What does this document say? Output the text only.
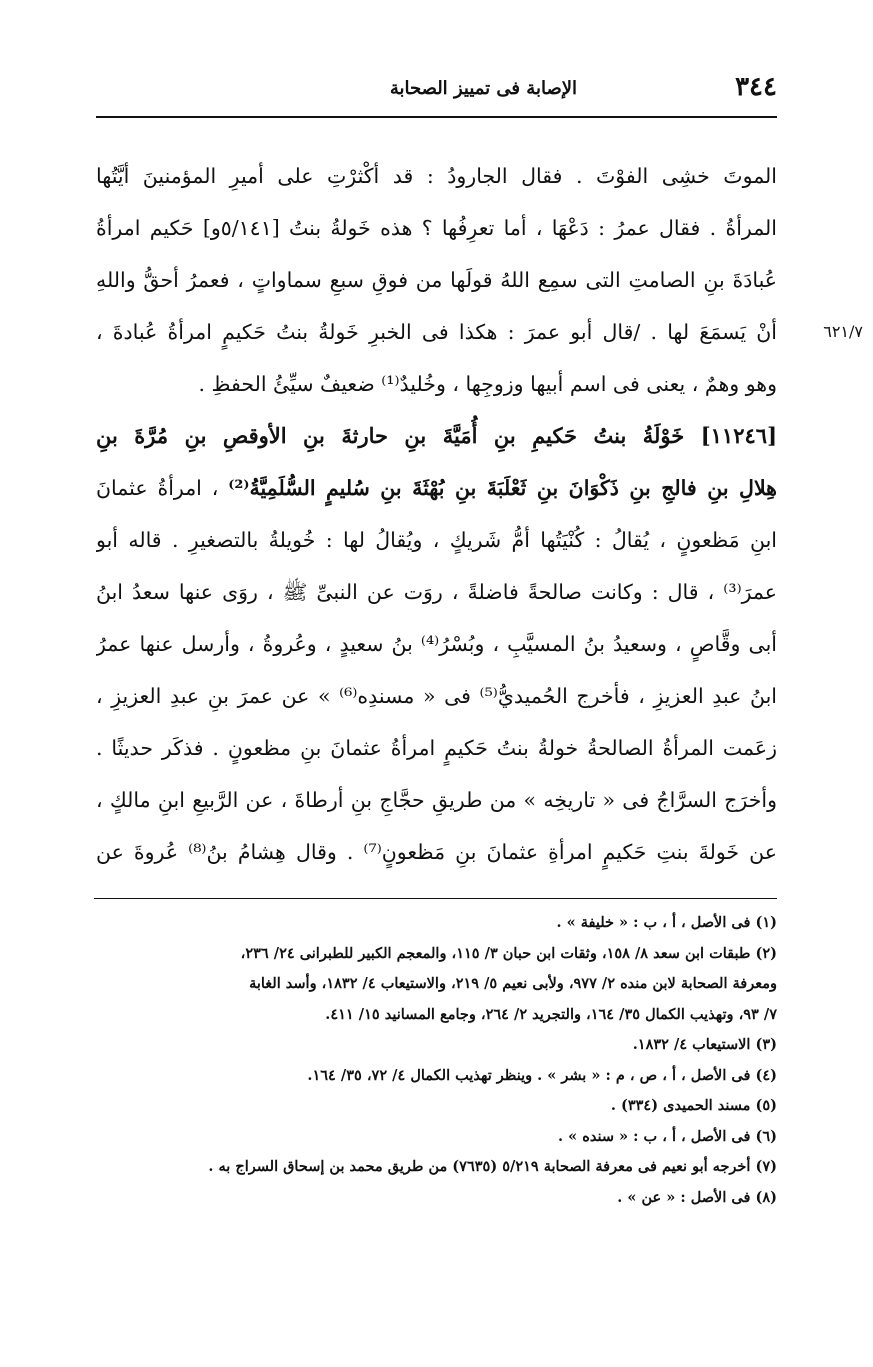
٣٤٤
الإصابة فى تمييز الصحابة
٦٢١/٧
الموتَ خشِى الفوْتَ . فقال الجارودُ : قد أكْثرْتِ على أميرِ المؤمنينَ أيَّتُها
المرأةُ . فقال عمرُ : دَعْهَا ، أما تعرِفُها ؟ هذه خَولةُ بنتُ [٥/١٤١و] حَكيم امرأةُ
عُبادَةَ بنِ الصامتِ التى سمِع اللهُ قولَها من فوقِ سبعِ سماواتٍ ، فعمرُ أحقُّ واللهِ
أنْ يَسمَعَ لها . /قال أبو عمرَ : هكذا فى الخبرِ خَولةُ بنتُ حَكيمٍ امرأةُ عُبادةَ ،
وهو وهمٌ ، يعنى فى اسم أبيها وزوجِها ، وخُليدٌ⁽¹⁾ ضعيفٌ سيِّئُ الحفظِ .
[١١٢٤٦] خَوْلَةُ بنتُ حَكيمِ بنِ أُمَيَّةَ بنِ حارثةَ بنِ الأوقصِ بنِ مُرَّةَ بنِ
هِلالِ بنِ فالجِ بنِ ذَكْوَانَ بنِ ثَعْلَبَةَ بنِ بُهْثَةَ بنِ سُليمٍ السُّلَمِيَّةُ⁽²⁾ ، امرأةُ عثمانَ
ابنِ مَظعونٍ ، يُقالُ : كُنْيَتُها أمُّ شَريكٍ ، ويُقالُ لها : خُويلةُ بالتصغيرِ . قاله أبو
عمرَ⁽³⁾ ، قال : وكانت صالحةً فاضلةً ، روَت عن النبىِّ ﷺ ، روَى عنها سعدُ ابنُ
أبى وقَّاصٍ ، وسعيدُ بنُ المسيَّبِ ، وبُسْرُ⁽⁴⁾ بنُ سعيدٍ ، وعُروةُ ، وأرسل عنها عمرُ
ابنُ عبدِ العزيزِ ، فأخرج الحُميديُّ⁽⁵⁾ فى « مسندِه⁽⁶⁾ » عن عمرَ بنِ عبدِ العزيزِ ،
زعَمت المرأةُ الصالحةُ خولةُ بنتُ حَكيمٍ امرأةُ عثمانَ بنِ مظعونٍ . فذكَر حديثًا .
وأخرَج السرَّاجُ فى « تاريخِه » من طريقِ حجَّاجِ بنِ أرطاةَ ، عن الرَّبيعِ ابنِ مالكٍ ،
عن خَولةَ بنتِ حَكيمٍ امرأةِ عثمانَ بنِ مَظعونٍ⁽⁷⁾ . وقال هِشامُ بنُ⁽⁸⁾ عُروةَ عن
(١) فى الأصل ، أ ، ب : « خليفة » .
(٢) طبقات ابن سعد ٨/ ١٥٨، وثقات ابن حبان ٣/ ١١٥، والمعجم الكبير للطبرانى ٢٤/ ٢٣٦،
ومعرفة الصحابة لابن منده ٢/ ٩٧٧، ولأبى نعيم ٥/ ٢١٩، والاستيعاب ٤/ ١٨٣٢، وأسد الغابة
٧/ ٩٣، وتهذيب الكمال ٣٥/ ١٦٤، والتجريد ٢/ ٢٦٤، وجامع المسانيد ١٥/ ٤١١.
(٣) الاستيعاب ٤/ ١٨٣٢.
(٤) فى الأصل ، أ ، ص ، م : « بشر » . وينظر تهذيب الكمال ٤/ ٧٢، ٣٥/ ١٦٤.
(٥) مسند الحميدى (٣٣٤) .
(٦) فى الأصل ، أ ، ب : « سنده » .
(٧) أخرجه أبو نعيم فى معرفة الصحابة ٥/٢١٩ (٧٦٣٥) من طريق محمد بن إسحاق السراج به .
(٨) فى الأصل : « عن » .
